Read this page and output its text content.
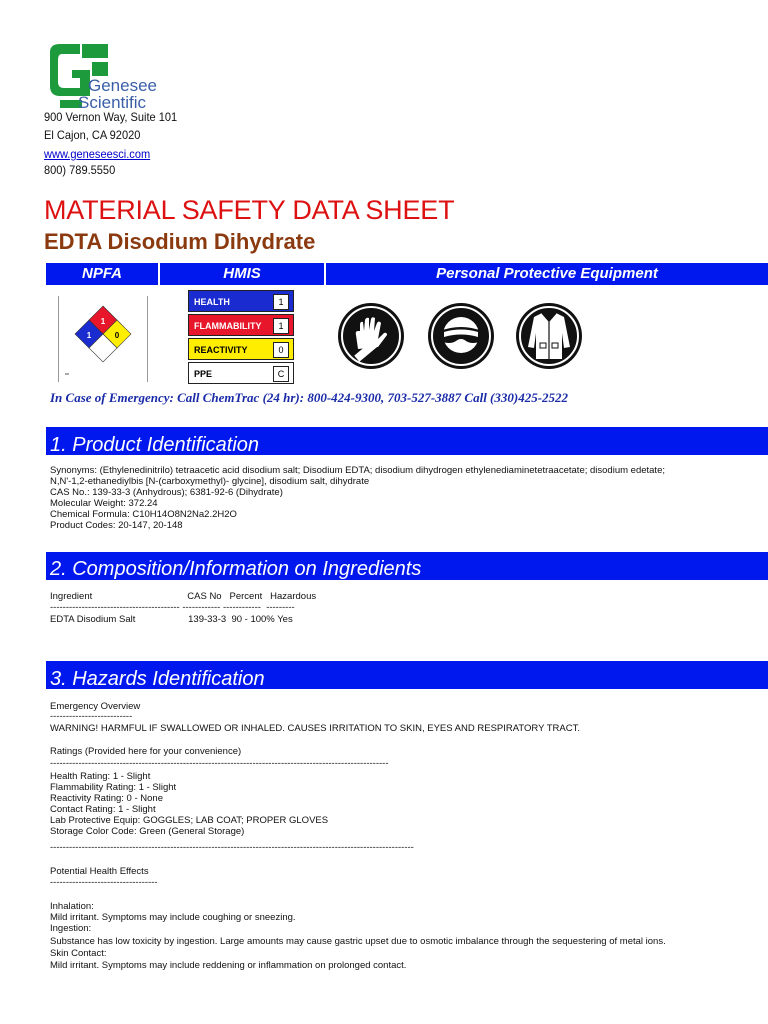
Genesee
Scientific
900 Vernon Way, Suite 101
El Cajon, CA 92020
www.geneseesci.com
800) 789.5550
MATERIAL SAFETY DATA SHEET
EDTA Disodium Dihydrate
NPFA	HMIS	Personal Protective Equipment
1
1	0
HEALTH	1
FLAMMABILITY	1
REACTIVITY	0
PPE	C
In Case of Emergency: Call ChemTrac (24 hr): 800-424-9300, 703-527-3887 Call (330)425-2522
1. Product Identification
Synonyms: (Ethylenedinitrilo) tetraacetic acid disodium salt; Disodium EDTA; disodium dihydrogen ethylenediaminetetraacetate; disodium edetate;
N,N'-1,2-ethanediylbis [N-(carboxymethyl)- glycine], disodium salt, dihydrate
CAS No.: 139-33-3 (Anhydrous); 6381-92-6 (Dihydrate)
Molecular Weight: 372.24
Chemical Formula: C10H14O8N2Na2.2H2O
Product Codes: 20-147, 20-148
2. Composition/Information on Ingredients
Ingredient                                    CAS No   Percent   Hazardous
----------------------------------------- ------------ ------------  ---------
EDTA Disodium Salt                    139-33-3  90 - 100% Yes
3. Hazards Identification
Emergency Overview
--------------------------
WARNING! HARMFUL IF SWALLOWED OR INHALED. CAUSES IRRITATION TO SKIN, EYES AND RESPIRATORY TRACT.
Ratings (Provided here for your convenience)
-----------------------------------------------------------------------------------------------------------
Health Rating: 1 - Slight
Flammability Rating: 1 - Slight
Reactivity Rating: 0 - None
Contact Rating: 1 - Slight
Lab Protective Equip: GOGGLES; LAB COAT; PROPER GLOVES
Storage Color Code: Green (General Storage)
-------------------------------------------------------------------------------------------------------------------
Potential Health Effects
----------------------------------
Inhalation:
Mild irritant. Symptoms may include coughing or sneezing.
Ingestion:
Substance has low toxicity by ingestion. Large amounts may cause gastric upset due to osmotic imbalance through the sequestering of metal ions.
Skin Contact:
Mild irritant. Symptoms may include reddening or inflammation on prolonged contact.
